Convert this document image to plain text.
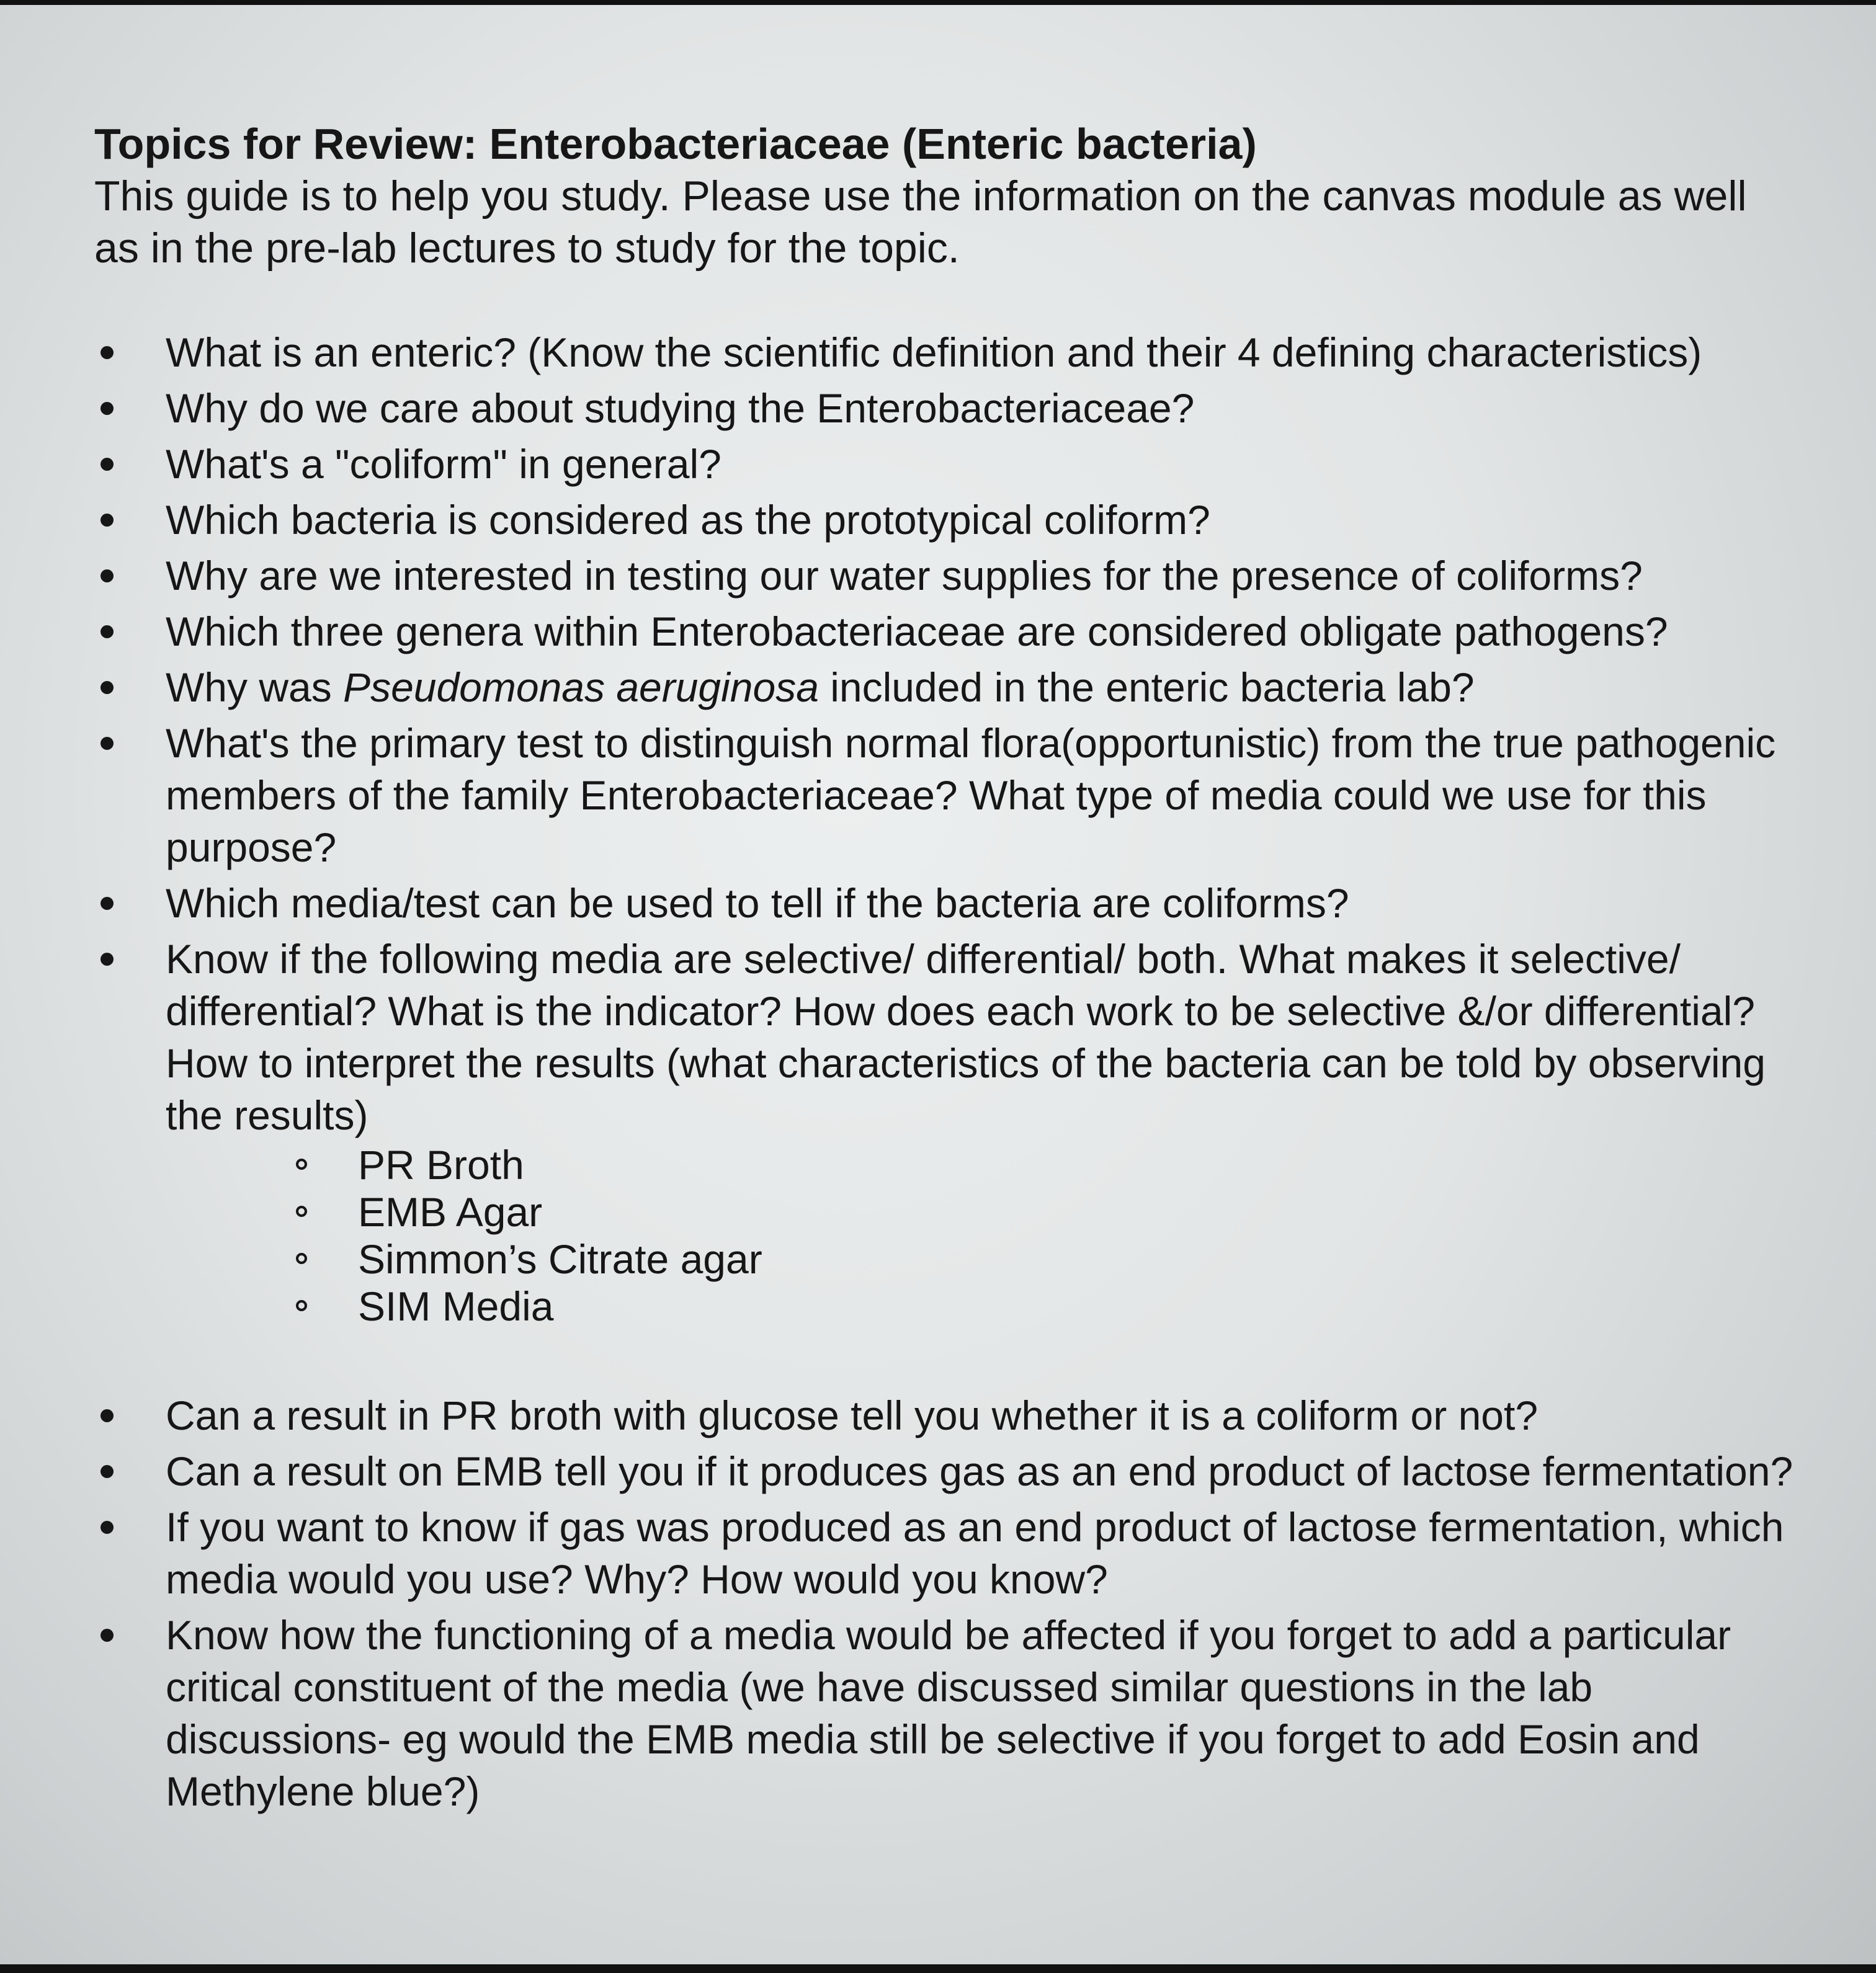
Topics for Review: Enterobacteriaceae (Enteric bacteria)

This guide is to help you study. Please use the information on the canvas module as well as in the pre-lab lectures to study for the topic.

What is an enteric? (Know the scientific definition and their 4 defining characteristics)
Why do we care about studying the Enterobacteriaceae?
What's a "coliform" in general?
Which bacteria is considered as the prototypical coliform?
Why are we interested in testing our water supplies for the presence of coliforms?
Which three genera within Enterobacteriaceae are considered obligate pathogens?
Why was Pseudomonas aeruginosa included in the enteric bacteria lab?
What's the primary test to distinguish normal flora(opportunistic) from the true pathogenic members of the family Enterobacteriaceae? What type of media could we use for this purpose?
Which media/test can be used to tell if the bacteria are coliforms?
Know if the following media are selective/ differential/ both. What makes it selective/ differential? What is the indicator? How does each work to be selective &/or differential? How to interpret the results (what characteristics of the bacteria can be told by observing the results)
PR Broth
EMB Agar
Simmon’s Citrate agar
SIM Media
Can a result in PR broth with glucose tell you whether it is a coliform or not?
Can a result on EMB tell you if it produces gas as an end product of lactose fermentation?
If you want to know if gas was produced as an end product of lactose fermentation, which media would you use? Why? How would you know?
Know how the functioning of a media would be affected if you forget to add a particular critical constituent of the media (we have discussed similar questions in the lab discussions- eg would the EMB media still be selective if you forget to add Eosin and Methylene blue?)
